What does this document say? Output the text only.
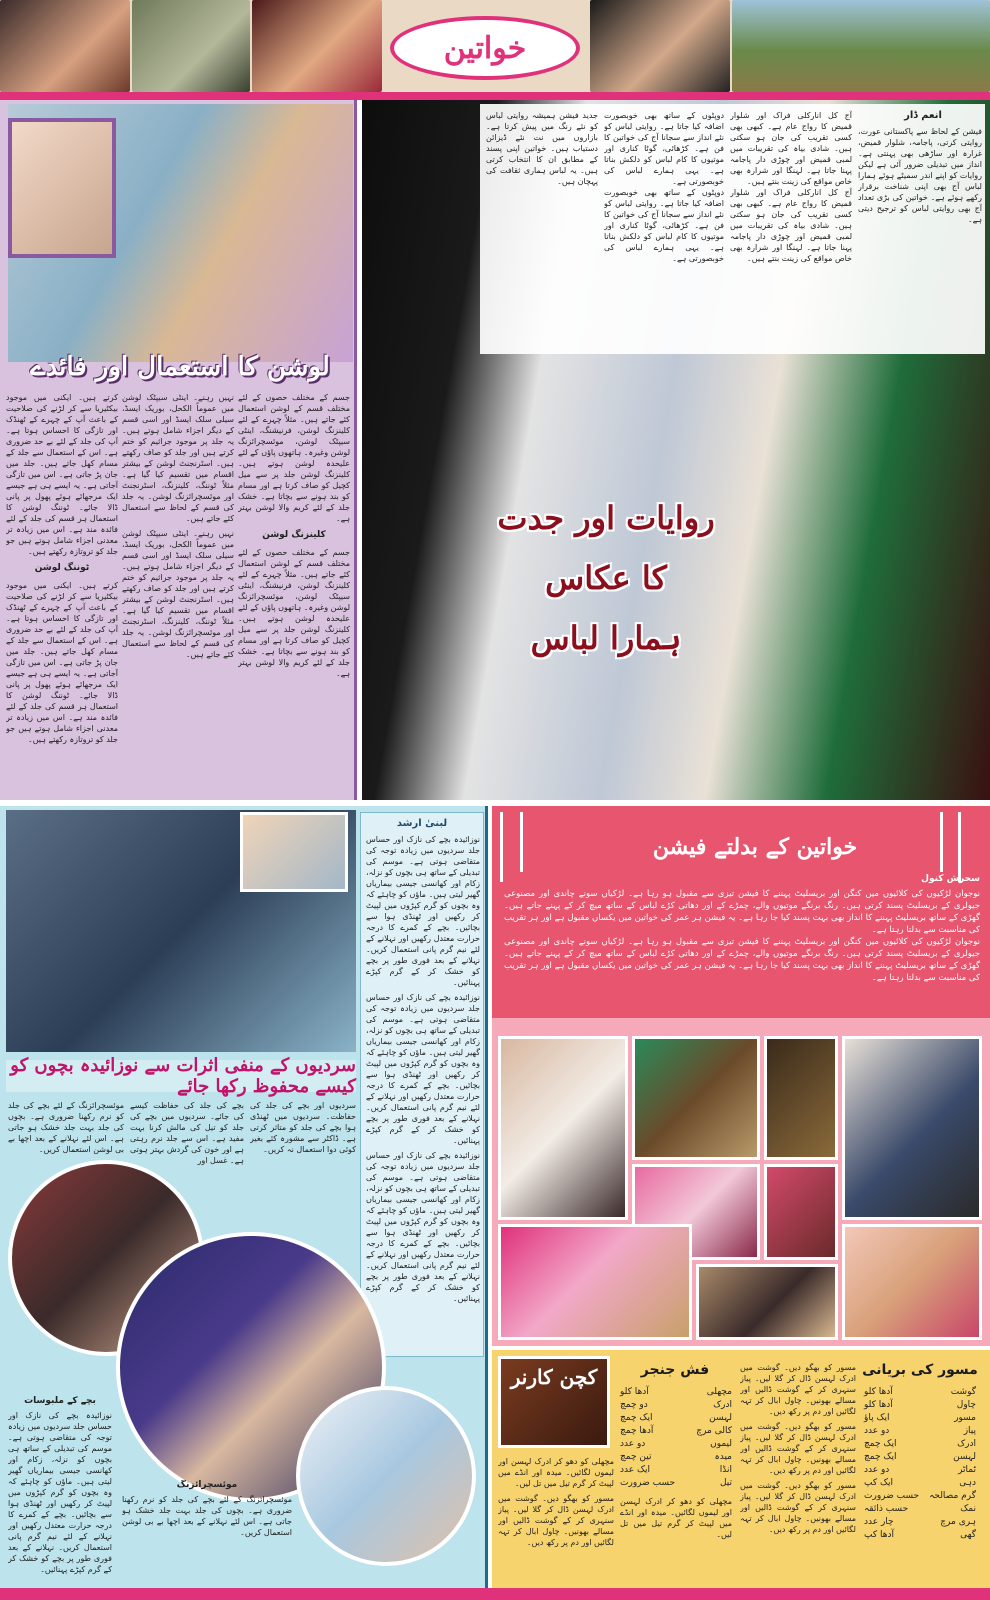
خواتین
لوشن کا استعمال اور فائدے

جسم کے مختلف حصوں کے لئے مختلف قسم کے لوشن استعمال کئے جاتے ہیں۔ مثلاً چہرے کے لئے کلینزنگ لوشن، فرنیشنگ، اینٹی سیپٹک لوشن، موئسچرائزنگ لوشن وغیرہ۔ ہاتھوں پاؤں کے لئے علیحدہ لوشن ہوتے ہیں۔ کلینزنگ لوشن جلد پر سے میل کچیل کو صاف کرتا ہے اور مسام کو بند ہونے سے بچاتا ہے۔ خشک جلد کے لئے کریم والا لوشن بہتر ہے۔

کلینزنگ لوشن

جسم کے مختلف حصوں کے لئے مختلف قسم کے لوشن استعمال کئے جاتے ہیں۔ مثلاً چہرے کے لئے کلینزنگ لوشن، فرنیشنگ، اینٹی سیپٹک لوشن، موئسچرائزنگ لوشن وغیرہ۔ ہاتھوں پاؤں کے لئے علیحدہ لوشن ہوتے ہیں۔ کلینزنگ لوشن جلد پر سے میل کچیل کو صاف کرتا ہے اور مسام کو بند ہونے سے بچاتا ہے۔ خشک جلد کے لئے کریم والا لوشن بہتر ہے۔

نہیں رہنے۔ اینٹی سیپٹک لوشن میں عموماً الکحل، بوریک ایسڈ، سیلی سلک ایسڈ اور اسی قسم کے دیگر اجزاء شامل ہوتے ہیں۔ یہ جلد پر موجود جراثیم کو ختم کرتے ہیں اور جلد کو صاف رکھتے ہیں۔ اسٹرنجنٹ لوشن کے بیشتر اقسام میں تقسیم کیا گیا ہے۔ مثلاً ٹوننگ، کلینزنگ، اسٹرنجنٹ اور موئسچرائزنگ لوشن۔ یہ جلد کی قسم کے لحاظ سے استعمال کئے جاتے ہیں۔

نہیں رہنے۔ اینٹی سیپٹک لوشن میں عموماً الکحل، بوریک ایسڈ، سیلی سلک ایسڈ اور اسی قسم کے دیگر اجزاء شامل ہوتے ہیں۔ یہ جلد پر موجود جراثیم کو ختم کرتے ہیں اور جلد کو صاف رکھتے ہیں۔ اسٹرنجنٹ لوشن کے بیشتر اقسام میں تقسیم کیا گیا ہے۔ مثلاً ٹوننگ، کلینزنگ، اسٹرنجنٹ اور موئسچرائزنگ لوشن۔ یہ جلد کی قسم کے لحاظ سے استعمال کئے جاتے ہیں۔

کرتے ہیں۔ ایکنی میں موجود بیکٹیریا سے کر لڑنے کی صلاحیت کے باعث آپ کے چہرے کے ٹھنڈک اور تازگی کا احساس ہوتا ہے۔ آپ کی جلد کے لئے بے حد ضروری ہے۔ اس کے استعمال سے جلد کے مسام کھل جاتے ہیں۔ جلد میں جان پڑ جاتی ہے۔ اس میں تازگی آجاتی ہے۔ یہ ایسے ہی ہے جیسے ایک مرجھائے ہوئے پھول پر پانی ڈالا جائے۔ ٹوننگ لوشن کا استعمال ہر قسم کی جلد کے لئے فائدہ مند ہے۔ اس میں زیادہ تر معدنی اجزاء شامل ہوتے ہیں جو جلد کو تروتازہ رکھتے ہیں۔

ٹوننگ لوشن

کرتے ہیں۔ ایکنی میں موجود بیکٹیریا سے کر لڑنے کی صلاحیت کے باعث آپ کے چہرے کے ٹھنڈک اور تازگی کا احساس ہوتا ہے۔ آپ کی جلد کے لئے بے حد ضروری ہے۔ اس کے استعمال سے جلد کے مسام کھل جاتے ہیں۔ جلد میں جان پڑ جاتی ہے۔ اس میں تازگی آجاتی ہے۔ یہ ایسے ہی ہے جیسے ایک مرجھائے ہوئے پھول پر پانی ڈالا جائے۔ ٹوننگ لوشن کا استعمال ہر قسم کی جلد کے لئے فائدہ مند ہے۔ اس میں زیادہ تر معدنی اجزاء شامل ہوتے ہیں جو جلد کو تروتازہ رکھتے ہیں۔

انعم ڈار

فیشن کے لحاظ سے پاکستانی عورت، روایتی کرتی، پاجامہ، شلوار قمیض، غرارہ اور ساڑھی بھی پہنتی ہے۔ انداز میں تبدیلی ضرور آئی ہے لیکن روایات کو اپنے اندر سمیٹے ہوئے ہمارا لباس آج بھی اپنی شناخت برقرار رکھے ہوئے ہے۔ خواتین کی بڑی تعداد آج بھی روایتی لباس کو ترجیح دیتی ہے۔

آج کل انارکلی فراک اور شلوار قمیض کا رواج عام ہے۔ کبھی بھی کسی تقریب کی جان ہو سکتی ہیں۔ شادی بیاہ کی تقریبات میں لمبی قمیض اور چوڑی دار پاجامہ پہنا جاتا ہے۔ لہنگا اور شرارہ بھی خاص مواقع کی زینت بنتے ہیں۔

آج کل انارکلی فراک اور شلوار قمیض کا رواج عام ہے۔ کبھی بھی کسی تقریب کی جان ہو سکتی ہیں۔ شادی بیاہ کی تقریبات میں لمبی قمیض اور چوڑی دار پاجامہ پہنا جاتا ہے۔ لہنگا اور شرارہ بھی خاص مواقع کی زینت بنتے ہیں۔

دوپٹوں کے ساتھ بھی خوبصورت اضافہ کیا جاتا ہے۔ روایتی لباس کو نئے انداز سے سجانا آج کی خواتین کا فن ہے۔ کڑھائی، گوٹا کناری اور موتیوں کا کام لباس کو دلکش بناتا ہے۔ یہی ہمارے لباس کی خوبصورتی ہے۔

دوپٹوں کے ساتھ بھی خوبصورت اضافہ کیا جاتا ہے۔ روایتی لباس کو نئے انداز سے سجانا آج کی خواتین کا فن ہے۔ کڑھائی، گوٹا کناری اور موتیوں کا کام لباس کو دلکش بناتا ہے۔ یہی ہمارے لباس کی خوبصورتی ہے۔

جدید فیشن ہمیشہ روایتی لباس کو نئے رنگ میں پیش کرتا ہے۔ بازاروں میں نت نئے ڈیزائن دستیاب ہیں۔ خواتین اپنی پسند کے مطابق ان کا انتخاب کرتی ہیں۔ یہ لباس ہماری ثقافت کی پہچان ہیں۔

روایات اور جدت
کا عکاس
ہمارا لباس
سردیوں کے منفی اثرات سے نوزائیدہ بچوں کو کیسے محفوظ رکھا جائے
لبنیٰ ارشد

نوزائیدہ بچے کی نازک اور حساس جلد سردیوں میں زیادہ توجہ کی متقاضی ہوتی ہے۔ موسم کی تبدیلی کے ساتھ ہی بچوں کو نزلہ، زکام اور کھانسی جیسی بیماریاں گھیر لیتی ہیں۔ ماؤں کو چاہئے کہ وہ بچوں کو گرم کپڑوں میں لپیٹ کر رکھیں اور ٹھنڈی ہوا سے بچائیں۔ بچے کے کمرے کا درجہ حرارت معتدل رکھیں اور نہلانے کے لئے نیم گرم پانی استعمال کریں۔ نہلانے کے بعد فوری طور پر بچے کو خشک کر کے گرم کپڑے پہنائیں۔

نوزائیدہ بچے کی نازک اور حساس جلد سردیوں میں زیادہ توجہ کی متقاضی ہوتی ہے۔ موسم کی تبدیلی کے ساتھ ہی بچوں کو نزلہ، زکام اور کھانسی جیسی بیماریاں گھیر لیتی ہیں۔ ماؤں کو چاہئے کہ وہ بچوں کو گرم کپڑوں میں لپیٹ کر رکھیں اور ٹھنڈی ہوا سے بچائیں۔ بچے کے کمرے کا درجہ حرارت معتدل رکھیں اور نہلانے کے لئے نیم گرم پانی استعمال کریں۔ نہلانے کے بعد فوری طور پر بچے کو خشک کر کے گرم کپڑے پہنائیں۔

نوزائیدہ بچے کی نازک اور حساس جلد سردیوں میں زیادہ توجہ کی متقاضی ہوتی ہے۔ موسم کی تبدیلی کے ساتھ ہی بچوں کو نزلہ، زکام اور کھانسی جیسی بیماریاں گھیر لیتی ہیں۔ ماؤں کو چاہئے کہ وہ بچوں کو گرم کپڑوں میں لپیٹ کر رکھیں اور ٹھنڈی ہوا سے بچائیں۔ بچے کے کمرے کا درجہ حرارت معتدل رکھیں اور نہلانے کے لئے نیم گرم پانی استعمال کریں۔ نہلانے کے بعد فوری طور پر بچے کو خشک کر کے گرم کپڑے پہنائیں۔

سردیوں اور بچے کی جلد کی حفاظت۔ سردیوں میں ٹھنڈی ہوا بچے کی جلد کو متاثر کرتی ہے۔ ڈاکٹر سے مشورہ کئے بغیر کوئی دوا استعمال نہ کریں۔

بچے کی جلد کی حفاظت کیسے کی جائے۔ سردیوں میں بچے کی جلد کو تیل کی مالش کرنا بہت مفید ہے۔ اس سے جلد نرم رہتی ہے اور خون کی گردش بہتر ہوتی ہے۔ غسل اور

موئسچرائزنگ کے لئے بچے کی جلد کو نرم رکھنا ضروری ہے۔ بچوں کی جلد بہت جلد خشک ہو جاتی ہے۔ اس لئے نہلانے کے بعد اچھا بے بی لوشن استعمال کریں۔

بچے کے ملبوسات

نوزائیدہ بچے کی نازک اور حساس جلد سردیوں میں زیادہ توجہ کی متقاضی ہوتی ہے۔ موسم کی تبدیلی کے ساتھ ہی بچوں کو نزلہ، زکام اور کھانسی جیسی بیماریاں گھیر لیتی ہیں۔ ماؤں کو چاہئے کہ وہ بچوں کو گرم کپڑوں میں لپیٹ کر رکھیں اور ٹھنڈی ہوا سے بچائیں۔ بچے کے کمرے کا درجہ حرارت معتدل رکھیں اور نہلانے کے لئے نیم گرم پانی استعمال کریں۔ نہلانے کے بعد فوری طور پر بچے کو خشک کر کے گرم کپڑے پہنائیں۔

موئسچرائزنگ

موئسچرائزنگ کے لئے بچے کی جلد کو نرم رکھنا ضروری ہے۔ بچوں کی جلد بہت جلد خشک ہو جاتی ہے۔ اس لئے نہلانے کے بعد اچھا بے بی لوشن استعمال کریں۔

خواتین کے بدلتے فیشن
سحرش کنول

نوجوان لڑکیوں کی کلائیوں میں کنگن اور بریسلیٹ پہننے کا فیشن تیزی سے مقبول ہو رہا ہے۔ لڑکیاں سونے چاندی اور مصنوعی جیولری کے بریسلیٹ پسند کرتی ہیں۔ رنگ برنگے موتیوں والے، چمڑے کے اور دھاتی کڑے لباس کے ساتھ میچ کر کے پہنے جاتے ہیں۔ گھڑی کے ساتھ بریسلیٹ پہننے کا انداز بھی بہت پسند کیا جا رہا ہے۔ یہ فیشن ہر عمر کی خواتین میں یکساں مقبول ہے اور ہر تقریب کی مناسبت سے بدلتا رہتا ہے۔

نوجوان لڑکیوں کی کلائیوں میں کنگن اور بریسلیٹ پہننے کا فیشن تیزی سے مقبول ہو رہا ہے۔ لڑکیاں سونے چاندی اور مصنوعی جیولری کے بریسلیٹ پسند کرتی ہیں۔ رنگ برنگے موتیوں والے، چمڑے کے اور دھاتی کڑے لباس کے ساتھ میچ کر کے پہنے جاتے ہیں۔ گھڑی کے ساتھ بریسلیٹ پہننے کا انداز بھی بہت پسند کیا جا رہا ہے۔ یہ فیشن ہر عمر کی خواتین میں یکساں مقبول ہے اور ہر تقریب کی مناسبت سے بدلتا رہتا ہے۔

کچن کارنر	مسور کی بریانی
گوشت
آدھا کلو
چاول
آدھا کلو
مسور
ایک پاؤ
پیاز
دو عدد
ادرک
ایک چمچ
لہسن
ایک چمچ
ٹماٹر
دو عدد
دہی
ایک کپ
گرم مصالحہ
حسب ضرورت
نمک
حسب ذائقہ
ہری مرچ
چار عدد
گھی
آدھا کپ

مسور کو بھگو دیں۔ گوشت میں ادرک لہسن ڈال کر گلا لیں۔ پیاز سنہری کر کے گوشت ڈالیں اور مسالے بھونیں۔ چاول ابال کر تہہ لگائیں اور دم پر رکھ دیں۔

مسور کو بھگو دیں۔ گوشت میں ادرک لہسن ڈال کر گلا لیں۔ پیاز سنہری کر کے گوشت ڈالیں اور مسالے بھونیں۔ چاول ابال کر تہہ لگائیں اور دم پر رکھ دیں۔

مسور کو بھگو دیں۔ گوشت میں ادرک لہسن ڈال کر گلا لیں۔ پیاز سنہری کر کے گوشت ڈالیں اور مسالے بھونیں۔ چاول ابال کر تہہ لگائیں اور دم پر رکھ دیں۔

فش جنجر
مچھلی
آدھا کلو
ادرک
دو چمچ
لہسن
ایک چمچ
کالی مرچ
آدھا چمچ
لیموں
دو عدد
میدہ
تین چمچ
انڈا
ایک عدد
تیل
حسب ضرورت

مچھلی کو دھو کر ادرک لہسن اور لیموں لگائیں۔ میدہ اور انڈے میں لپیٹ کر گرم تیل میں تل لیں۔

مچھلی کو دھو کر ادرک لہسن اور لیموں لگائیں۔ میدہ اور انڈے میں لپیٹ کر گرم تیل میں تل لیں۔

مسور کو بھگو دیں۔ گوشت میں ادرک لہسن ڈال کر گلا لیں۔ پیاز سنہری کر کے گوشت ڈالیں اور مسالے بھونیں۔ چاول ابال کر تہہ لگائیں اور دم پر رکھ دیں۔
